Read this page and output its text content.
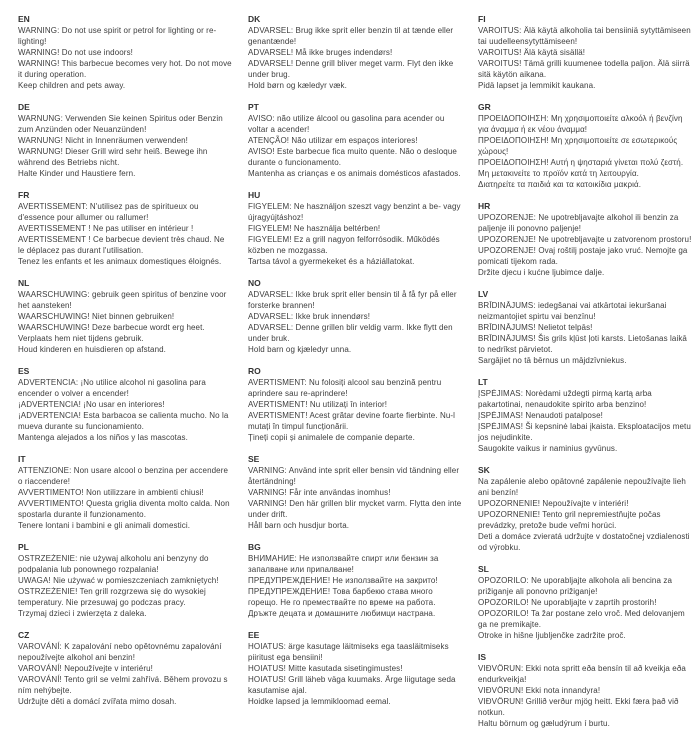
EN

WARNING: Do not use spirit or petrol for lighting or re-lighting!

WARNING! Do not use indoors!

WARNING! This barbecue becomes very hot. Do not move it during operation.

Keep children and pets away.

DE

WARNUNG: Verwenden Sie keinen Spiritus oder Benzin zum Anzünden oder Neuanzünden!

WARNUNG! Nicht in Innenräumen verwenden!

WARNUNG! Dieser Grill wird sehr heiß. Bewege ihn während des Betriebs nicht.

Halte Kinder und Haustiere fern.

FR

AVERTISSEMENT: N'utilisez pas de spiritueux ou d'essence pour allumer ou rallumer!

AVERTISSEMENT ! Ne pas utiliser en intérieur !

AVERTISSEMENT ! Ce barbecue devient très chaud. Ne le déplacez pas durant l'utilisation.

Tenez les enfants et les animaux domestiques éloignés.

NL

WAARSCHUWING: gebruik geen spiritus of benzine voor het aansteken!

WAARSCHUWING! Niet binnen gebruiken!

WAARSCHUWING! Deze barbecue wordt erg heet. Verplaats hem niet tijdens gebruik.

Houd kinderen en huisdieren op afstand.

ES

ADVERTENCIA: ¡No utilice alcohol ni gasolina para encender o volver a encender!

¡ADVERTENCIA! ¡No usar en interiores!

¡ADVERTENCIA! Esta barbacoa se calienta mucho. No la mueva durante su funcionamiento.

Mantenga alejados a los niños y las mascotas.

IT

ATTENZIONE: Non usare alcool o benzina per accendere o riaccendere!

AVVERTIMENTO! Non utilizzare in ambienti chiusi!

AVVERTIMENTO! Questa griglia diventa molto calda. Non spostarla durante il funzionamento.

Tenere lontani i bambini e gli animali domestici.

PL

OSTRZEŻENIE: nie używaj alkoholu ani benzyny do podpalania lub ponownego rozpalania!

UWAGA! Nie używać w pomieszczeniach zamkniętych!

OSTRZEŻENIE! Ten grill rozgrzewa się do wysokiej temperatury. Nie przesuwaj go podczas pracy.

Trzymaj dzieci i zwierzęta z daleka.

CZ

VAROVÁNÍ: K zapalování nebo opětovnému zapalování nepoužívejte alkohol ani benzin!

VAROVÁNÍ! Nepoužívejte v interiéru!

VAROVÁNÍ! Tento gril se velmi zahřívá. Během provozu s ním nehýbejte.

Udržujte děti a domácí zvířata mimo dosah.

DK

ADVARSEL: Brug ikke sprit eller benzin til at tænde eller genantænde!

ADVARSEL! Må ikke bruges indendørs!

ADVARSEL! Denne grill bliver meget varm. Flyt den ikke under brug.

Hold børn og kæledyr væk.

PT

AVISO: não utilize álcool ou gasolina para acender ou voltar a acender!

ATENÇÃO! Não utilizar em espaços interiores!

AVISO! Este barbecue fica muito quente. Não o desloque durante o funcionamento.

Mantenha as crianças e os animais domésticos afastados.

HU

FIGYELEM: Ne használjon szeszt vagy benzint a be- vagy újragyújtáshoz!

FIGYELEM! Ne használja beltérben!

FIGYELEM! Ez a grill nagyon felforrósodik. Működés közben ne mozgassa.

Tartsa távol a gyermekeket és a háziállatokat.

NO

ADVARSEL: Ikke bruk sprit eller bensin til å få fyr på eller forsterke brannen!

ADVARSEL: Ikke bruk innendørs!

ADVARSEL: Denne grillen blir veldig varm. Ikke flytt den under bruk.

Hold barn og kjæledyr unna.

RO

AVERTISMENT: Nu folosiți alcool sau benzină pentru aprindere sau re-aprindere!

AVERTISMENT! Nu utilizați în interior!

AVERTISMENT! Acest grătar devine foarte fierbinte. Nu-l mutați în timpul funcționării.

Țineți copii și animalele de companie departe.

SE

VARNING: Använd inte sprit eller bensin vid tändning eller återtändning!

VARNING! Får inte användas inomhus!

VARNING! Den här grillen blir mycket varm. Flytta den inte under drift.

Håll barn och husdjur borta.

BG

ВНИМАНИЕ: Не използвайте спирт или бензин за запалване или припалване!

ПРЕДУПРЕЖДЕНИЕ! Не използвайте на закрито!

ПРЕДУПРЕЖДЕНИЕ! Това барбекю става много горещо. Не го премествайте по време на работа.

Дръжте децата и домашните любимци настрана.

EE

HOIATUS: ärge kasutage läitmiseks ega taasläitmiseks piiritust ega bensiini!

HOIATUS! Mitte kasutada sisetingimustes!

HOIATUS! Grill läheb väga kuumaks. Ärge liigutage seda kasutamise ajal.

Hoidke lapsed ja lemmikloomad eemal.

FI

VAROITUS: Älä käytä alkoholia tai bensiiniä sytyttämiseen tai uudelleensytyttämiseen!

VAROITUS! Älä käytä sisällä!

VAROITUS! Tämä grilli kuumenee todella paljon. Älä siirrä sitä käytön aikana.

Pidä lapset ja lemmikit kaukana.

GR

ΠΡΟΕΙΔΟΠΟΙΗΣΗ: Μη χρησιμοποιείτε αλκοόλ ή βενζίνη για άναμμα ή εκ νέου άναμμα!

ΠΡΟΕΙΔΟΠΟΙΗΣΗ! Μη χρησιμοποιείτε σε εσωτερικούς χώρους!

ΠΡΟΕΙΔΟΠΟΙΗΣΗ! Αυτή η ψησταριά γίνεται πολύ ζεστή. Μη μετακινείτε το προϊόν κατά τη λειτουργία.

Διατηρείτε τα παιδιά και τα κατοικίδια μακριά.

HR

UPOZORENJE: Ne upotrebljavajte alkohol ili benzin za paljenje ili ponovno paljenje!

UPOZORENJE! Ne upotrebljavajte u zatvorenom prostoru!

UPOZORENJE! Ovaj roštilj postaje jako vruć. Nemojte ga pomicati tijekom rada.

Držite djecu i kućne ljubimce dalje.

LV

BRĪDINĀJUMS: iedegšanai vai atkārtotai iekuršanai neizmantojiet spirtu vai benzīnu!

BRĪDINĀJUMS! Nelietot telpās!

BRĪDINĀJUMS! Šis grils kļūst ļoti karsts. Lietošanas laikā to nedrīkst pārvietot.

Sargājiet no tā bērnus un mājdzīvniekus.

LT

ĮSPĖJIMAS: Norėdami uždegti pirmą kartą arba pakartotinai, nenaudokite spirito arba benzino!

ĮSPĖJIMAS! Nenaudoti patalpose!

ĮSPĖJIMAS! Ši kepsninė labai įkaista. Eksploatacijos metu jos nejudinkite.

Saugokite vaikus ir naminius gyvūnus.

SK

Na zapálenie alebo opätovné zapálenie nepoužívajte lieh ani benzín!

UPOZORNENIE! Nepoužívajte v interiéri!

UPOZORNENIE! Tento gril nepremiestňujte počas prevádzky, pretože bude veľmi horúci.

Deti a domáce zvieratá udržujte v dostatočnej vzdialenosti od výrobku.

SL

OPOZORILO: Ne uporabljajte alkohola ali bencina za prižiganje ali ponovno prižiganje!

OPOZORILO! Ne uporabljajte v zaprtih prostorih!

OPOZORILO! Ta žar postane zelo vroč. Med delovanjem ga ne premikajte.

Otroke in hišne ljubljenčke zadržite proč.

IS

VIÐVÖRUN: Ekki nota spritt eða bensín til að kveikja eða endurkveikja!

VIÐVÖRUN! Ekki nota innandyra!

VIÐVÖRUN! Grillið verður mjög heitt. Ekki færa það við notkun.

Haltu börnum og gæludýrum í burtu.
